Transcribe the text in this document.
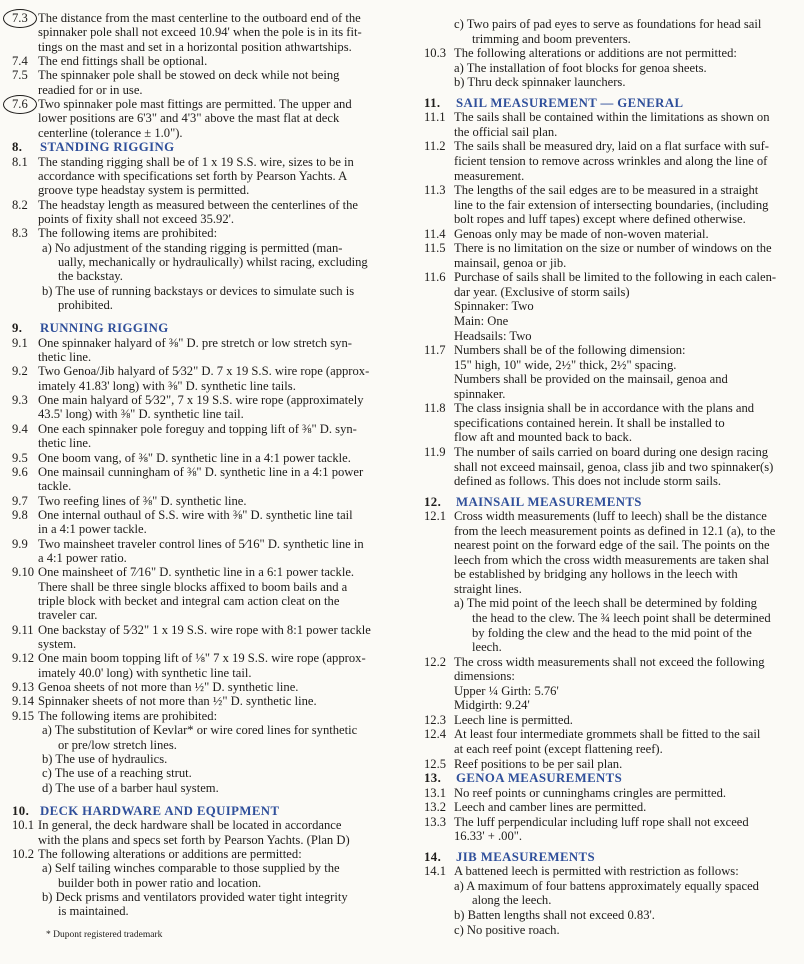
7.3 The distance from the mast centerline to the outboard end of the
spinnaker pole shall not exceed 10.94' when the pole is in its fit-
tings on the mast and set in a horizontal position athwartships.
7.4 The end fittings shall be optional.
7.5 The spinnaker pole shall be stowed on deck while not being
readied for or in use.
7.6 Two spinnaker pole mast fittings are permitted. The upper and
lower positions are 6'3" and 4'3" above the mast flat at deck
centerline (tolerance ± 1.0").
8. STANDING RIGGING
8.1 The standing rigging shall be of 1 x 19 S.S. wire, sizes to be in
accordance with specifications set forth by Pearson Yachts. A
groove type headstay system is permitted.
8.2 The headstay length as measured between the centerlines of the
points of fixity shall not exceed 35.92'.
8.3 The following items are prohibited:
a) No adjustment of the standing rigging is permitted (man-
ually, mechanically or hydraulically) whilst racing, excluding
the backstay.
b) The use of running backstays or devices to simulate such is
prohibited.
9. RUNNING RIGGING
9.1 One spinnaker halyard of ⅜" D. pre stretch or low stretch syn-
thetic line.
9.2 Two Genoa/Jib halyard of 5⁄32" D. 7 x 19 S.S. wire rope (approx-
imately 41.83' long) with ⅜" D. synthetic line tails.
9.3 One main halyard of 5⁄32", 7 x 19 S.S. wire rope (approximately
43.5' long) with ⅜" D. synthetic line tail.
9.4 One each spinnaker pole foreguy and topping lift of ⅜" D. syn-
thetic line.
9.5 One boom vang, of ⅜" D. synthetic line in a 4:1 power tackle.
9.6 One mainsail cunningham of ⅜" D. synthetic line in a 4:1 power
tackle.
9.7 Two reefing lines of ⅜" D. synthetic line.
9.8 One internal outhaul of S.S. wire with ⅜" D. synthetic line tail
in a 4:1 power tackle.
9.9 Two mainsheet traveler control lines of 5⁄16" D. synthetic line in
a 4:1 power ratio.
9.10 One mainsheet of 7⁄16" D. synthetic line in a 6:1 power tackle.
There shall be three single blocks affixed to boom bails and a
triple block with becket and integral cam action cleat on the
traveler car.
9.11 One backstay of 5⁄32" 1 x 19 S.S. wire rope with 8:1 power tackle
system.
9.12 One main boom topping lift of ⅛" 7 x 19 S.S. wire rope (approx-
imately 40.0' long) with synthetic line tail.
9.13 Genoa sheets of not more than ½" D. synthetic line.
9.14 Spinnaker sheets of not more than ½" D. synthetic line.
9.15 The following items are prohibited:
a) The substitution of Kevlar* or wire cored lines for synthetic
or pre/low stretch lines.
b) The use of hydraulics.
c) The use of a reaching strut.
d) The use of a barber haul system.
10. DECK HARDWARE AND EQUIPMENT
10.1 In general, the deck hardware shall be located in accordance
with the plans and specs set forth by Pearson Yachts. (Plan D)
10.2 The following alterations or additions are permitted:
a) Self tailing winches comparable to those supplied by the
builder both in power ratio and location.
b) Deck prisms and ventilators provided water tight integrity
is maintained.
* Dupont registered trademark
c) Two pairs of pad eyes to serve as foundations for head sail
trimming and boom preventers.
10.3 The following alterations or additions are not permitted:
a) The installation of foot blocks for genoa sheets.
b) Thru deck spinnaker launchers.
11. SAIL MEASUREMENT — GENERAL
11.1 The sails shall be contained within the limitations as shown on
the official sail plan.
11.2 The sails shall be measured dry, laid on a flat surface with suf-
ficient tension to remove across wrinkles and along the line of
measurement.
11.3 The lengths of the sail edges are to be measured in a straight
line to the fair extension of intersecting boundaries, (including
bolt ropes and luff tapes) except where defined otherwise.
11.4 Genoas only may be made of non-woven material.
11.5 There is no limitation on the size or number of windows on the
mainsail, genoa or jib.
11.6 Purchase of sails shall be limited to the following in each calen-
dar year. (Exclusive of storm sails)
Spinnaker: Two
Main: One
Headsails: Two
11.7 Numbers shall be of the following dimension:
15" high, 10" wide, 2½" thick, 2½" spacing.
Numbers shall be provided on the mainsail, genoa and
spinnaker.
11.8 The class insignia shall be in accordance with the plans and
specifications contained herein. It shall be installed to
flow aft and mounted back to back.
11.9 The number of sails carried on board during one design racing
shall not exceed mainsail, genoa, class jib and two spinnaker(s)
defined as follows. This does not include storm sails.
12. MAINSAIL MEASUREMENTS
12.1 Cross width measurements (luff to leech) shall be the distance
from the leech measurement points as defined in 12.1 (a), to the
nearest point on the forward edge of the sail. The points on the
leech from which the cross width measurements are taken shal
be established by bridging any hollows in the leech with
straight lines.
a) The mid point of the leech shall be determined by folding
the head to the clew. The ¾ leech point shall be determined
by folding the clew and the head to the mid point of the
leech.
12.2 The cross width measurements shall not exceed the following
dimensions:
Upper ¼ Girth: 5.76'
Midgirth: 9.24'
12.3 Leech line is permitted.
12.4 At least four intermediate grommets shall be fitted to the sail
at each reef point (except flattening reef).
12.5 Reef positions to be per sail plan.
13. GENOA MEASUREMENTS
13.1 No reef points or cunninghams cringles are permitted.
13.2 Leech and camber lines are permitted.
13.3 The luff perpendicular including luff rope shall not exceed
16.33' + .00".
14. JIB MEASUREMENTS
14.1 A battened leech is permitted with restriction as follows:
a) A maximum of four battens approximately equally spaced
along the leech.
b) Batten lengths shall not exceed 0.83'.
c) No positive roach.
